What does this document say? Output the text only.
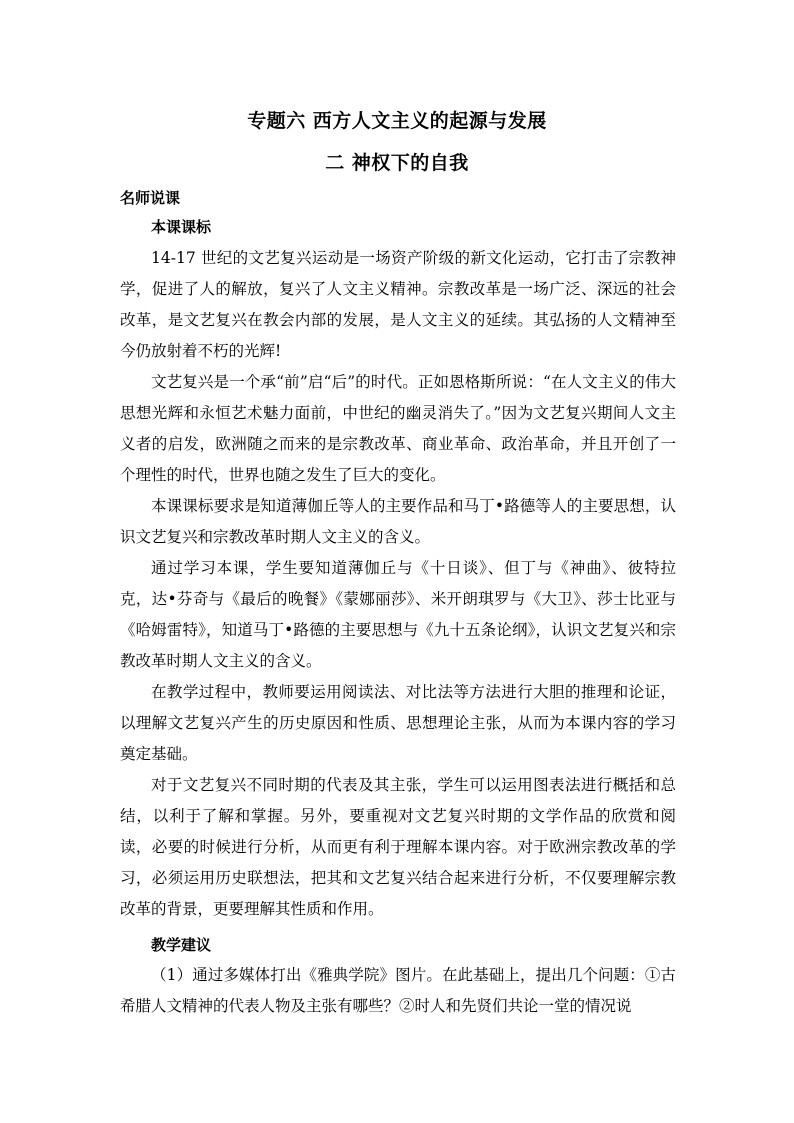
专题六 西方人文主义的起源与发展
二 神权下的自我
名师说课
本课课标

14-17 世纪的文艺复兴运动是一场资产阶级的新文化运动，它打击了宗教神学，促进了人的解放，复兴了人文主义精神。宗教改革是一场广泛、深远的社会改革，是文艺复兴在教会内部的发展，是人文主义的延续。其弘扬的人文精神至今仍放射着不朽的光辉!

文艺复兴是一个承“前”启“后”的时代。正如恩格斯所说：“在人文主义的伟大思想光辉和永恒艺术魅力面前，中世纪的幽灵消失了。”因为文艺复兴期间人文主义者的启发，欧洲随之而来的是宗教改革、商业革命、政治革命，并且开创了一个理性的时代，世界也随之发生了巨大的变化。

本课课标要求是知道薄伽丘等人的主要作品和马丁•路德等人的主要思想，认识文艺复兴和宗教改革时期人文主义的含义。

通过学习本课，学生要知道薄伽丘与《十日谈》、但丁与《神曲》、彼特拉克，达•芬奇与《最后的晚餐》《蒙娜丽莎》、米开朗琪罗与《大卫》、莎士比亚与《哈姆雷特》，知道马丁•路德的主要思想与《九十五条论纲》，认识文艺复兴和宗教改革时期人文主义的含义。

在教学过程中，教师要运用阅读法、对比法等方法进行大胆的推理和论证，以理解文艺复兴产生的历史原因和性质、思想理论主张，从而为本课内容的学习奠定基础。

对于文艺复兴不同时期的代表及其主张，学生可以运用图表法进行概括和总结，以利于了解和掌握。另外，要重视对文艺复兴时期的文学作品的欣赏和阅读，必要的时候进行分析，从而更有利于理解本课内容。对于欧洲宗教改革的学习，必须运用历史联想法，把其和文艺复兴结合起来进行分析，不仅要理解宗教改革的背景，更要理解其性质和作用。

教学建议

（1）通过多媒体打出《雅典学院》图片。在此基础上，提出几个问题：①古希腊人文精神的代表人物及主张有哪些？②时人和先贤们共论一堂的情况说
